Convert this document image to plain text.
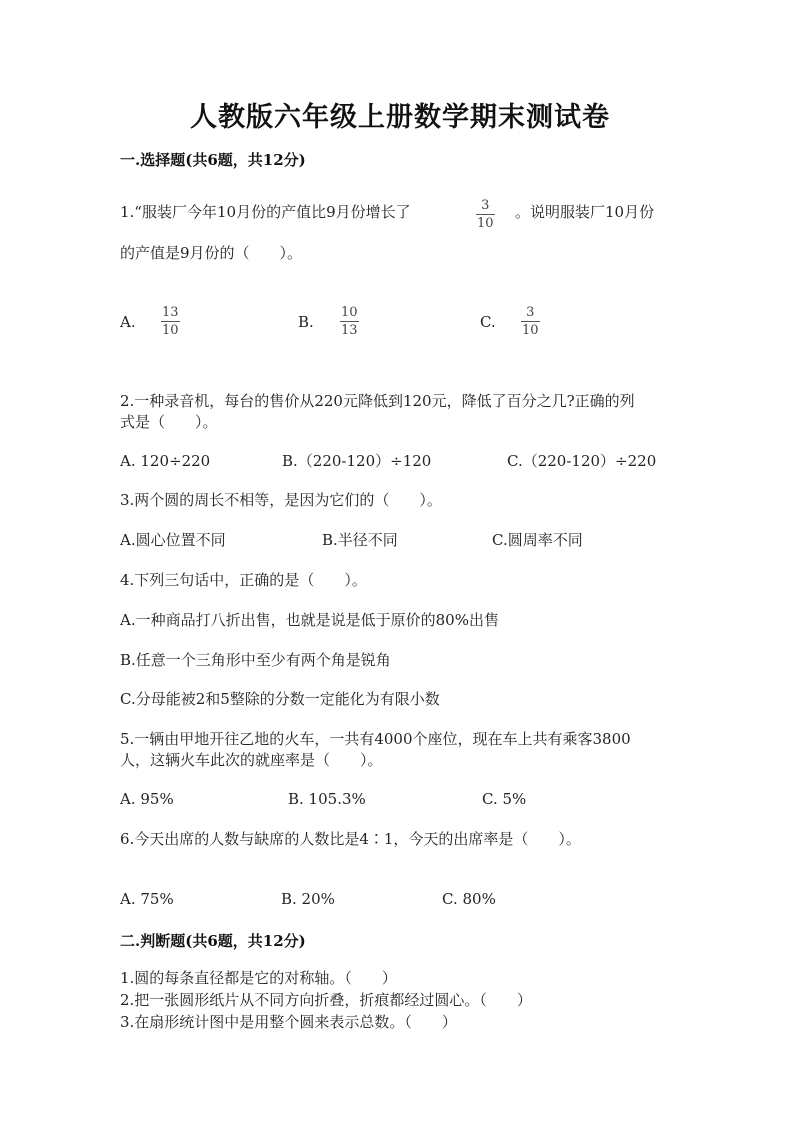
人教版六年级上册数学期末测试卷
一.选择题(共6题，共12分)
1.“服装厂今年10月份的产值比9月份增长了	3
10
。说明服装厂10月份
的产值是9月份的（　　）。
A.
13
10	B.
10
13	C.
3
10
2.一种录音机，每台的售价从220元降低到120元，降低了百分之几?正确的列
式是（　　）。
A. 120÷220	B.（220-120）÷120	C.（220-120）÷220
3.两个圆的周长不相等，是因为它们的（　　）。
A.圆心位置不同	B.半径不同	C.圆周率不同
4.下列三句话中，正确的是（　　）。
A.一种商品打八折出售，也就是说是低于原价的80%出售
B.任意一个三角形中至少有两个角是锐角
C.分母能被2和5整除的分数一定能化为有限小数
5.一辆由甲地开往乙地的火车，一共有4000个座位，现在车上共有乘客3800
人，这辆火车此次的就座率是（　　）。
A. 95%	B. 105.3%	C. 5%
6.今天出席的人数与缺席的人数比是4∶1，今天的出席率是（　　）。
A. 75%	B. 20%	C. 80%
二.判断题(共6题，共12分)
1.圆的每条直径都是它的对称轴。（　　）
2.把一张圆形纸片从不同方向折叠，折痕都经过圆心。（　　）
3.在扇形统计图中是用整个圆来表示总数。（　　）
